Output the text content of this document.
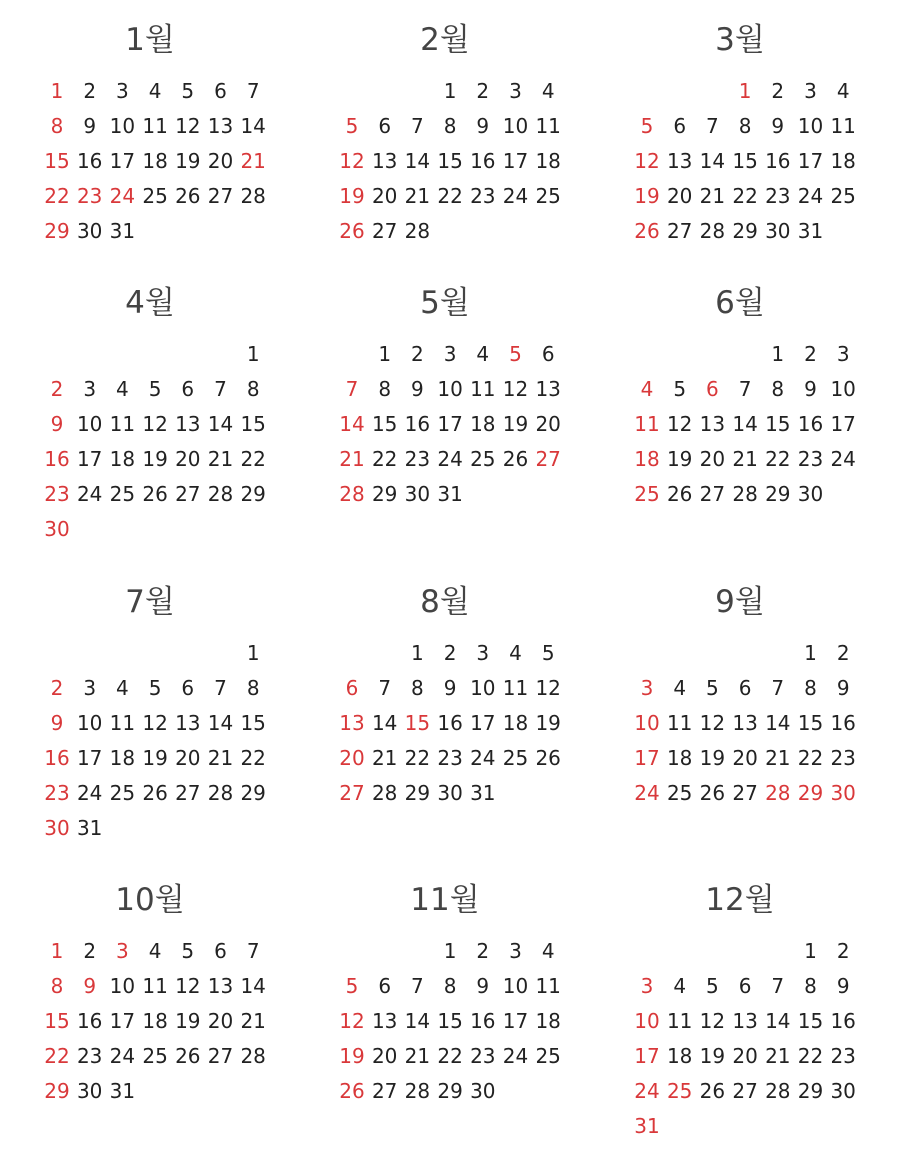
1월
1 2 3 4 5 6 7
8 9 10 11 12 13 14
15 16 17 18 19 20 21
22 23 24 25 26 27 28
29 30 31
2월
1 2 3 4
5 6 7 8 9 10 11
12 13 14 15 16 17 18
19 20 21 22 23 24 25
26 27 28
3월
1 2 3 4
5 6 7 8 9 10 11
12 13 14 15 16 17 18
19 20 21 22 23 24 25
26 27 28 29 30 31
4월
1
2 3 4 5 6 7 8
9 10 11 12 13 14 15
16 17 18 19 20 21 22
23 24 25 26 27 28 29
30
5월
1 2 3 4 5 6
7 8 9 10 11 12 13
14 15 16 17 18 19 20
21 22 23 24 25 26 27
28 29 30 31
6월
1 2 3
4 5 6 7 8 9 10
11 12 13 14 15 16 17
18 19 20 21 22 23 24
25 26 27 28 29 30
7월
1
2 3 4 5 6 7 8
9 10 11 12 13 14 15
16 17 18 19 20 21 22
23 24 25 26 27 28 29
30 31
8월
1 2 3 4 5
6 7 8 9 10 11 12
13 14 15 16 17 18 19
20 21 22 23 24 25 26
27 28 29 30 31
9월
1 2
3 4 5 6 7 8 9
10 11 12 13 14 15 16
17 18 19 20 21 22 23
24 25 26 27 28 29 30
10월
1 2 3 4 5 6 7
8 9 10 11 12 13 14
15 16 17 18 19 20 21
22 23 24 25 26 27 28
29 30 31
11월
1 2 3 4
5 6 7 8 9 10 11
12 13 14 15 16 17 18
19 20 21 22 23 24 25
26 27 28 29 30
12월
1 2
3 4 5 6 7 8 9
10 11 12 13 14 15 16
17 18 19 20 21 22 23
24 25 26 27 28 29 30
31
